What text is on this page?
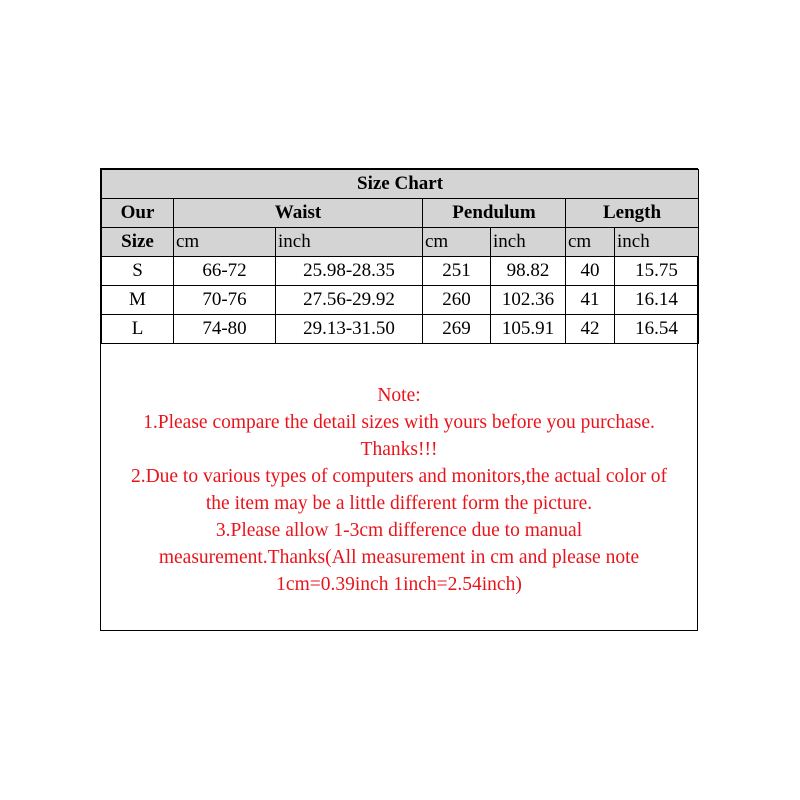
Size Chart						
Our	Waist		Pendulum		Length	
Size	cm	inch	cm	inch	cm	inch
S	66-72	25.98-28.35	251	98.82	40	15.75
M	70-76	27.56-29.92	260	102.36	41	16.14
L	74-80	29.13-31.50	269	105.91	42	16.54
Note:
1.Please compare the detail sizes with yours before you purchase.
Thanks!!!
2.Due to various types of computers and monitors,the actual color of
the item may be a little different form the picture.
3.Please allow 1-3cm difference due to manual
measurement.Thanks(All measurement in cm and please note
1cm=0.39inch 1inch=2.54inch)
